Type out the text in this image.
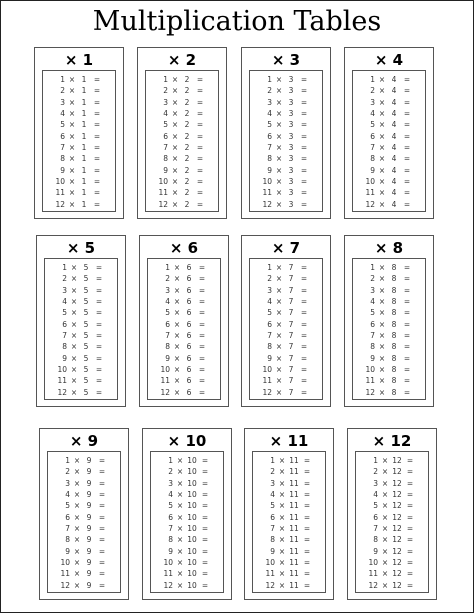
Multiplication Tables
× 1
1 × 1 =
2 × 1 =
3 × 1 =
4 × 1 =
5 × 1 =
6 × 1 =
7 × 1 =
8 × 1 =
9 × 1 =
10 × 1 =
11 × 1 =
12 × 1 =
× 2
1 × 2 =
2 × 2 =
3 × 2 =
4 × 2 =
5 × 2 =
6 × 2 =
7 × 2 =
8 × 2 =
9 × 2 =
10 × 2 =
11 × 2 =
12 × 2 =
× 3
1 × 3 =
2 × 3 =
3 × 3 =
4 × 3 =
5 × 3 =
6 × 3 =
7 × 3 =
8 × 3 =
9 × 3 =
10 × 3 =
11 × 3 =
12 × 3 =
× 4
1 × 4 =
2 × 4 =
3 × 4 =
4 × 4 =
5 × 4 =
6 × 4 =
7 × 4 =
8 × 4 =
9 × 4 =
10 × 4 =
11 × 4 =
12 × 4 =
× 5
1 × 5 =
2 × 5 =
3 × 5 =
4 × 5 =
5 × 5 =
6 × 5 =
7 × 5 =
8 × 5 =
9 × 5 =
10 × 5 =
11 × 5 =
12 × 5 =
× 6
1 × 6 =
2 × 6 =
3 × 6 =
4 × 6 =
5 × 6 =
6 × 6 =
7 × 6 =
8 × 6 =
9 × 6 =
10 × 6 =
11 × 6 =
12 × 6 =
× 7
1 × 7 =
2 × 7 =
3 × 7 =
4 × 7 =
5 × 7 =
6 × 7 =
7 × 7 =
8 × 7 =
9 × 7 =
10 × 7 =
11 × 7 =
12 × 7 =
× 8
1 × 8 =
2 × 8 =
3 × 8 =
4 × 8 =
5 × 8 =
6 × 8 =
7 × 8 =
8 × 8 =
9 × 8 =
10 × 8 =
11 × 8 =
12 × 8 =
× 9
1 × 9 =
2 × 9 =
3 × 9 =
4 × 9 =
5 × 9 =
6 × 9 =
7 × 9 =
8 × 9 =
9 × 9 =
10 × 9 =
11 × 9 =
12 × 9 =
× 10
1 × 10 =
2 × 10 =
3 × 10 =
4 × 10 =
5 × 10 =
6 × 10 =
7 × 10 =
8 × 10 =
9 × 10 =
10 × 10 =
11 × 10 =
12 × 10 =
× 11
1 × 11 =
2 × 11 =
3 × 11 =
4 × 11 =
5 × 11 =
6 × 11 =
7 × 11 =
8 × 11 =
9 × 11 =
10 × 11 =
11 × 11 =
12 × 11 =
× 12
1 × 12 =
2 × 12 =
3 × 12 =
4 × 12 =
5 × 12 =
6 × 12 =
7 × 12 =
8 × 12 =
9 × 12 =
10 × 12 =
11 × 12 =
12 × 12 =
